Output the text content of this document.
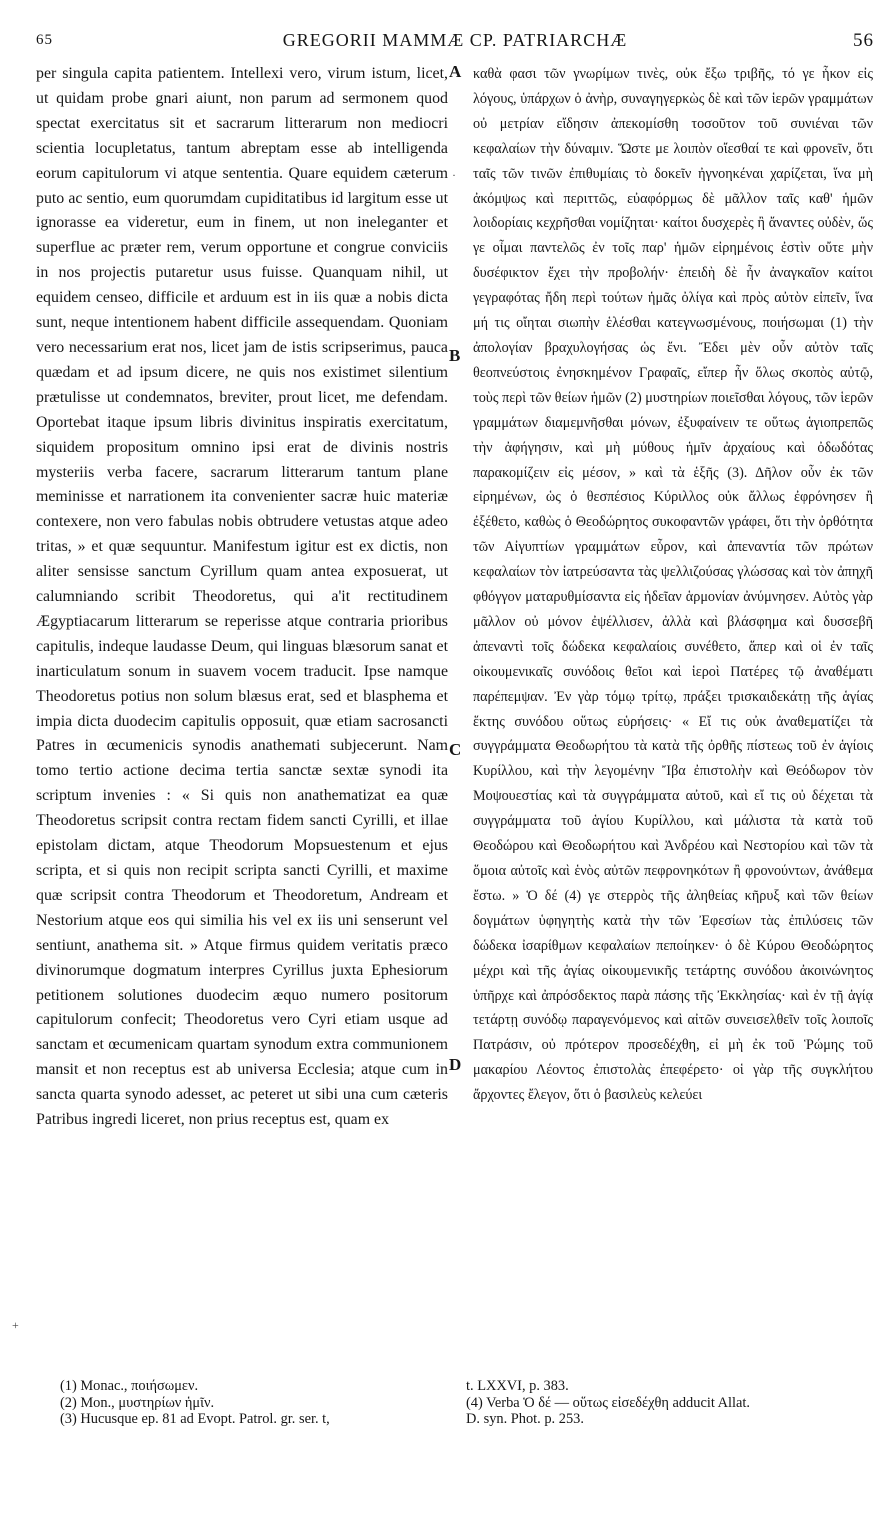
65	GREGORII MAMMÆ CP. PATRIARCHÆ	56
per singula capita patientem. Intellexi vero, virum istum, licet, ut quidam probe gnari aiunt, non parum ad sermonem quod spectat exercitatus sit et sacrarum litterarum non mediocri scientia locupletatus, tantum abreptam esse ab intelligenda eorum capitulorum vi atque sententia. Quare equidem cæterum puto ac sentio, eum quorumdam cupiditatibus id largitum esse ut ignorasse ea videretur, eum in finem, ut non ineleganter et superflue ac præter rem, verum opportune et congrue conviciis in nos projectis putaretur usus fuisse. Quanquam nihil, ut equidem censeo, difficile et arduum est in iis quæ a nobis dicta sunt, neque intentionem habent difficile assequendam. Quoniam vero necessarium erat nos, licet jam de istis scripserimus, pauca quædam et ad ipsum dicere, ne quis nos existimet silentium prætulisse ut condemnatos, breviter, prout licet, me defendam. Oportebat itaque ipsum libris divinitus inspiratis exercitatum, siquidem propositum omnino ipsi erat de divinis nostris mysteriis verba facere, sacrarum litterarum tantum plane meminisse et narrationem ita convenienter sacræ huic materiæ contexere, non vero fabulas nobis obtrudere vetustas atque adeo tritas, » et quæ sequuntur. Manifestum igitur est ex dictis, non aliter sensisse sanctum Cyrillum quam antea exposuerat, ut calumniando scribit Theodoretus, qui a'it rectitudinem Ægyptiacarum litterarum se reperisse atque contraria prioribus capitulis, indeque laudasse Deum, qui linguas blæsorum sanat et inarticulatum sonum in suavem vocem traducit. Ipse namque Theodoretus potius non solum blæsus erat, sed et blasphema et impia dicta duodecim capitulis opposuit, quæ etiam sacrosancti Patres in œcumenicis synodis anathemati subjecerunt. Nam tomo tertio actione decima tertia sanctæ sextæ synodi ita scriptum invenies : « Si quis non anathematizat ea quæ Theodoretus scripsit contra rectam fidem sancti Cyrilli, et illae epistolam dictam, atque Theodorum Mopsuestenum et ejus scripta, et si quis non recipit scripta sancti Cyrilli, et maxime quæ scripsit contra Theodorum et Theodoretum, Andream et Nestorium atque eos qui similia his vel ex iis uni senserunt vel sentiunt, anathema sit. » Atque firmus quidem veritatis præco divinorumque dogmatum interpres Cyrillus juxta Ephesiorum petitionem solutiones duodecim æquo numero positorum capitulorum confecit; Theodoretus vero Cyri etiam usque ad sanctam et œcumenicam quartam synodum extra communionem mansit et non receptus est ab universa Ecclesia; atque cum in sancta quarta synodo adesset, ac peteret ut sibi una cum cæteris Patribus ingredi liceret, non prius receptus est, quam ex
καθὰ φασι τῶν γνωρίμων τινὲς, οὐκ ἔξω τριβῆς, τό γε ἧκον εἰς λόγους, ὑπάρχων ὁ ἀνὴρ, συναγηγερκὼς δὲ καὶ τῶν ἱερῶν γραμμάτων οὐ μετρίαν εἴδησιν ἀπεκομίσθη τοσοῦτον τοῦ συνιέναι τῶν κεφαλαίων τὴν δύναμιν. Ὥστε με λοιπὸν οἴεσθαί τε καὶ φρονεῖν, ὅτι ταῖς τῶν τινῶν ἐπιθυμίαις τὸ δοκεῖν ἠγνοηκέναι χαρίζεται, ἵνα μὴ ἀκόμψως καὶ περιττῶς, εὐαφόρμως δὲ μᾶλλον ταῖς καθ' ἡμῶν λοιδορίαις κεχρῆσθαι νομίζηται· καίτοι δυσχερὲς ἢ ἄναντες οὐδὲν, ὥς γε οἶμαι παντελῶς ἐν τοῖς παρ' ἡμῶν εἰρημένοις ἐστὶν οὔτε μὴν δυσέφικτον ἔχει τὴν προβολήν· ἐπειδὴ δὲ ἦν ἀναγκαῖον καίτοι γεγραφότας ἤδη περὶ τούτων ἡμᾶς ὀλίγα καὶ πρὸς αὐτὸν εἰπεῖν, ἵνα μή τις οἴηται σιωπὴν ἑλέσθαι κατεγνωσμένους, ποιήσωμαι (1) τὴν ἀπολογίαν βραχυλογήσας ὡς ἔνι. Ἔδει μὲν οὖν αὐτὸν ταῖς θεοπνεύστοις ἐνησκημένον Γραφαῖς, εἴπερ ἦν ὅλως σκοπὸς αὐτῷ, τοὺς περὶ τῶν θείων ἡμῶν (2) μυστηρίων ποιεῖσθαι λόγους, τῶν ἱερῶν γραμμάτων διαμεμνῆσθαι μόνων, ἐξυφαίνειν τε οὕτως ἁγιοπρεπῶς τὴν ἀφήγησιν, καὶ μὴ μύθους ἡμῖν ἀρχαίους καὶ ὀδωδότας παρακομίζειν εἰς μέσον, » καὶ τὰ ἑξῆς (3). Δῆλον οὖν ἐκ τῶν εἰρημένων, ὡς ὁ θεσπέσιος Κύριλλος οὐκ ἄλλως ἐφρόνησεν ἢ ἐξέθετο, καθὼς ὁ Θεοδώρητος συκοφαντῶν γράφει, ὅτι τὴν ὀρθότητα τῶν Αἰγυπτίων γραμμάτων εὗρον, καὶ ἀπεναντία τῶν πρώτων κεφαλαίων τὸν ἰατρεύσαντα τὰς ψελλιζούσας γλώσσας καὶ τὸν ἀπηχῆ φθόγγον ματαρυθμίσαντα εἰς ἡδεῖαν ἁρμονίαν ἀνύμνησεν. Αὐτὸς γὰρ μᾶλλον οὐ μόνον ἐψέλλισεν, ἀλλὰ καὶ βλάσφημα καὶ δυσσεβῆ ἀπεναντὶ τοῖς δώδεκα κεφαλαίοις συνέθετο, ἅπερ καὶ οἱ ἐν ταῖς οἰκουμενικαῖς συνόδοις θεῖοι καὶ ἱεροὶ Πατέρες τῷ ἀναθέματι παρέπεμψαν. Ἐν γὰρ τόμῳ τρίτῳ, πράξει τρισκαιδεκάτῃ τῆς ἁγίας ἕκτης συνόδου οὕτως εὑρήσεις· « Εἴ τις οὐκ ἀναθεματίζει τὰ συγγράμματα Θεοδωρήτου τὰ κατὰ τῆς ὀρθῆς πίστεως τοῦ ἐν ἁγίοις Κυρίλλου, καὶ τὴν λεγομένην Ἴβα ἐπιστολὴν καὶ Θεόδωρον τὸν Μοψουεστίας καὶ τὰ συγγράμματα αὐτοῦ, καὶ εἴ τις οὐ δέχεται τὰ συγγράμματα τοῦ ἁγίου Κυρίλλου, καὶ μάλιστα τὰ κατὰ τοῦ Θεοδώρου καὶ Θεοδωρήτου καὶ Ἀνδρέου καὶ Νεστορίου καὶ τῶν τὰ ὅμοια αὐτοῖς καὶ ἑνὸς αὐτῶν πεφρονηκότων ἢ φρονούντων, ἀνάθεμα ἔστω. » Ὁ δέ (4) γε στερρὸς τῆς ἀληθείας κῆρυξ καὶ τῶν θείων δογμάτων ὑφηγητὴς κατὰ τὴν τῶν Ἐφεσίων τὰς ἐπιλύσεις τῶν δώδεκα ἰσαρίθμων κεφαλαίων πεποίηκεν· ὁ δὲ Κύρου Θεοδώρητος μέχρι καὶ τῆς ἁγίας οἰκουμενικῆς τετάρτης συνόδου ἀκοινώνητος ὑπῆρχε καὶ ἀπρόσδεκτος παρὰ πάσης τῆς Ἐκκλησίας· καὶ ἐν τῇ ἁγίᾳ τετάρτῃ συνόδῳ παραγενόμενος καὶ αἰτῶν συνεισελθεῖν τοῖς λοιποῖς Πατράσιν, οὐ πρότερον προσεδέχθη, εἰ μὴ ἐκ τοῦ Ῥώμης τοῦ μακαρίου Λέοντος ἐπιστολὰς ἐπεφέρετο· οἱ γὰρ τῆς συγκλήτου ἄρχοντες ἔλεγον, ὅτι ὁ βασιλεὺς κελεύει
A
B
C
D
·
+
(1) Monac., ποιήσωμεν.
(2) Mon., μυστηρίων ἡμῖν.
(3) Hucusque ep. 81 ad Evopt. Patrol. gr. ser. t,
t. LXXVI, p. 383.
(4) Verba Ὁ δέ — οὕτως εἰσεδέχθη adducit Allat.
D. syn. Phot. p. 253.
